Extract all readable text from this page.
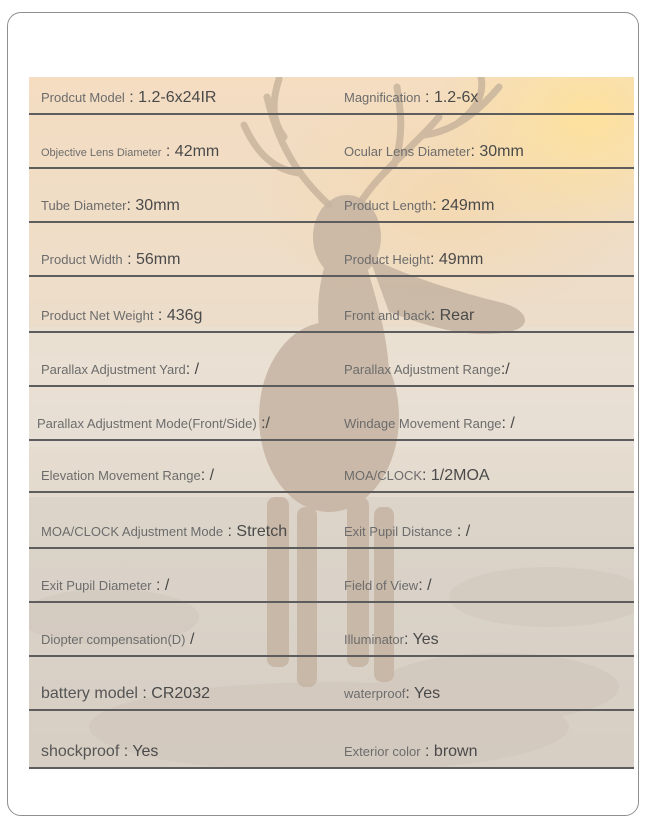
Prodcut Model : 1.2-6x24IR	Magnification : 1.2-6x
Objective Lens Diameter : 42mm	Ocular Lens Diameter: 30mm
Tube Diameter: 30mm	Product Length: 249mm
Product Width : 56mm	Product Height: 49mm
Product Net Weight : 436g	Front and back: Rear
Parallax Adjustment Yard: /	Parallax Adjustment Range:/
Parallax Adjustment Mode(Front/Side) :/	Windage Movement Range: /
Elevation Movement Range: /	MOA/CLOCK: 1/2MOA
MOA/CLOCK Adjustment Mode : Stretch	Exit Pupil Distance : /
Exit Pupil Diameter : /	Field of View: /
Diopter compensation(D) /	Illuminator: Yes
battery model : CR2032	waterproof: Yes
shockproof : Yes	Exterior color : brown
